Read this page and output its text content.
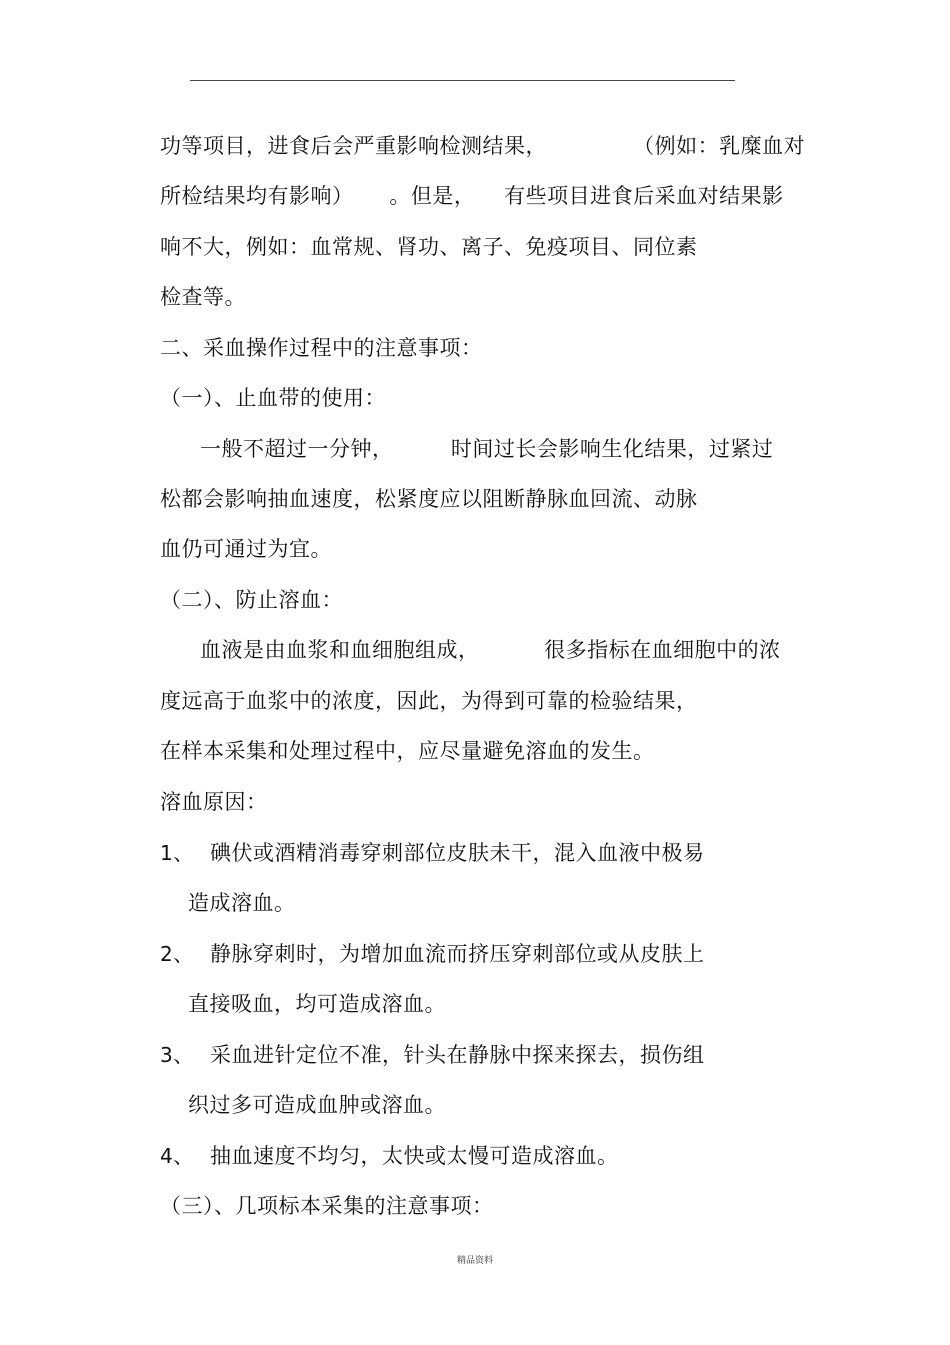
功等项目，进食后会严重影响检测结果，            （例如：乳糜血对
所检结果均有影响）     。但是，    有些项目进食后采血对结果影
响不大，例如：血常规、肾功、离子、免疫项目、同位素
检查等。
二、采血操作过程中的注意事项：
（一）、止血带的使用：
一般不超过一分钟，        时间过长会影响生化结果，过紧过
松都会影响抽血速度，松紧度应以阻断静脉血回流、动脉
血仍可通过为宜。
（二）、防止溶血：
血液是由血浆和血细胞组成，         很多指标在血细胞中的浓
度远高于血浆中的浓度，因此，为得到可靠的检验结果，
在样本采集和处理过程中，应尽量避免溶血的发生。
溶血原因：
1、 碘伏或酒精消毒穿刺部位皮肤未干，混入血液中极易
造成溶血。
2、 静脉穿刺时，为增加血流而挤压穿刺部位或从皮肤上
直接吸血，均可造成溶血。
3、 采血进针定位不准，针头在静脉中探来探去，损伤组
织过多可造成血肿或溶血。
4、 抽血速度不均匀，太快或太慢可造成溶血。
（三）、几项标本采集的注意事项：
精品资料
